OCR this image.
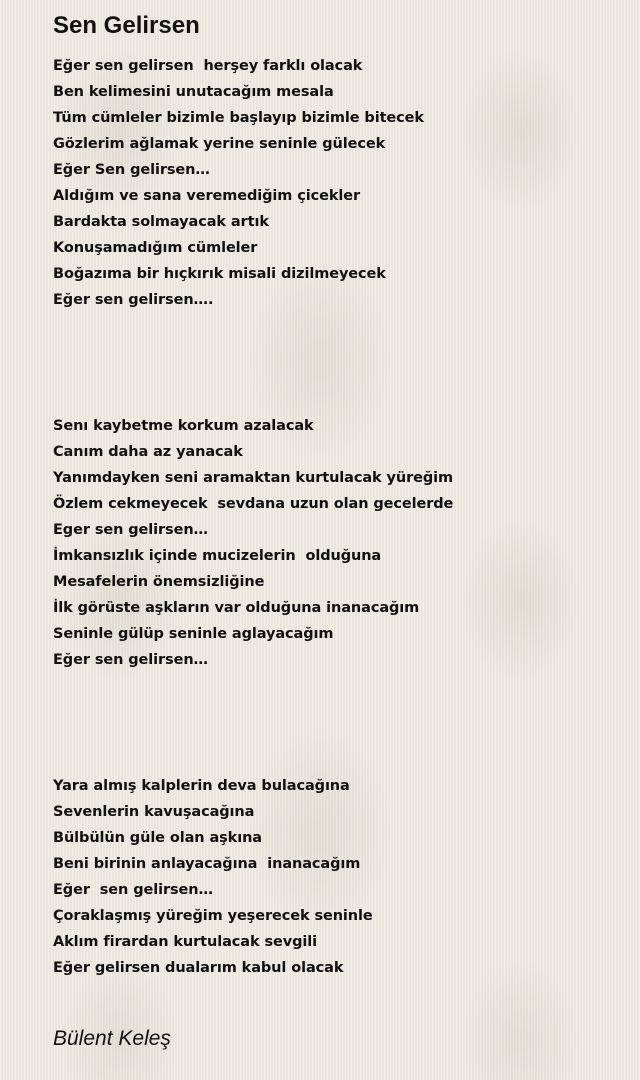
Sen Gelirsen
Eğer sen gelirsen  herşey farklı olacak
Ben kelimesini unutacağım mesala
Tüm cümleler bizimle başlayıp bizimle bitecek
Gözlerim ağlamak yerine seninle gülecek
Eğer Sen gelirsen…
Aldığım ve sana veremediğim çicekler
Bardakta solmayacak artık
Konuşamadığım cümleler
Boğazıma bir hıçkırık misali dizilmeyecek
Eğer sen gelirsen….
Senı kaybetme korkum azalacak
Canım daha az yanacak
Yanımdayken seni aramaktan kurtulacak yüreğim
Özlem cekmeyecek  sevdana uzun olan gecelerde
Eger sen gelirsen…
İmkansızlık içinde mucizelerin  olduğuna
Mesafelerin önemsizliğine
İlk görüste aşkların var olduğuna inanacağım
Seninle gülüp seninle aglayacağım
Eğer sen gelirsen…
Yara almış kalplerin deva bulacağına
Sevenlerin kavuşacağına
Bülbülün güle olan aşkına
Beni birinin anlayacağına  inanacağım
Eğer  sen gelirsen…
Çoraklaşmış yüreğim yeşerecek seninle
Aklım firardan kurtulacak sevgili
Eğer gelirsen dualarım kabul olacak
Bülent Keleş
